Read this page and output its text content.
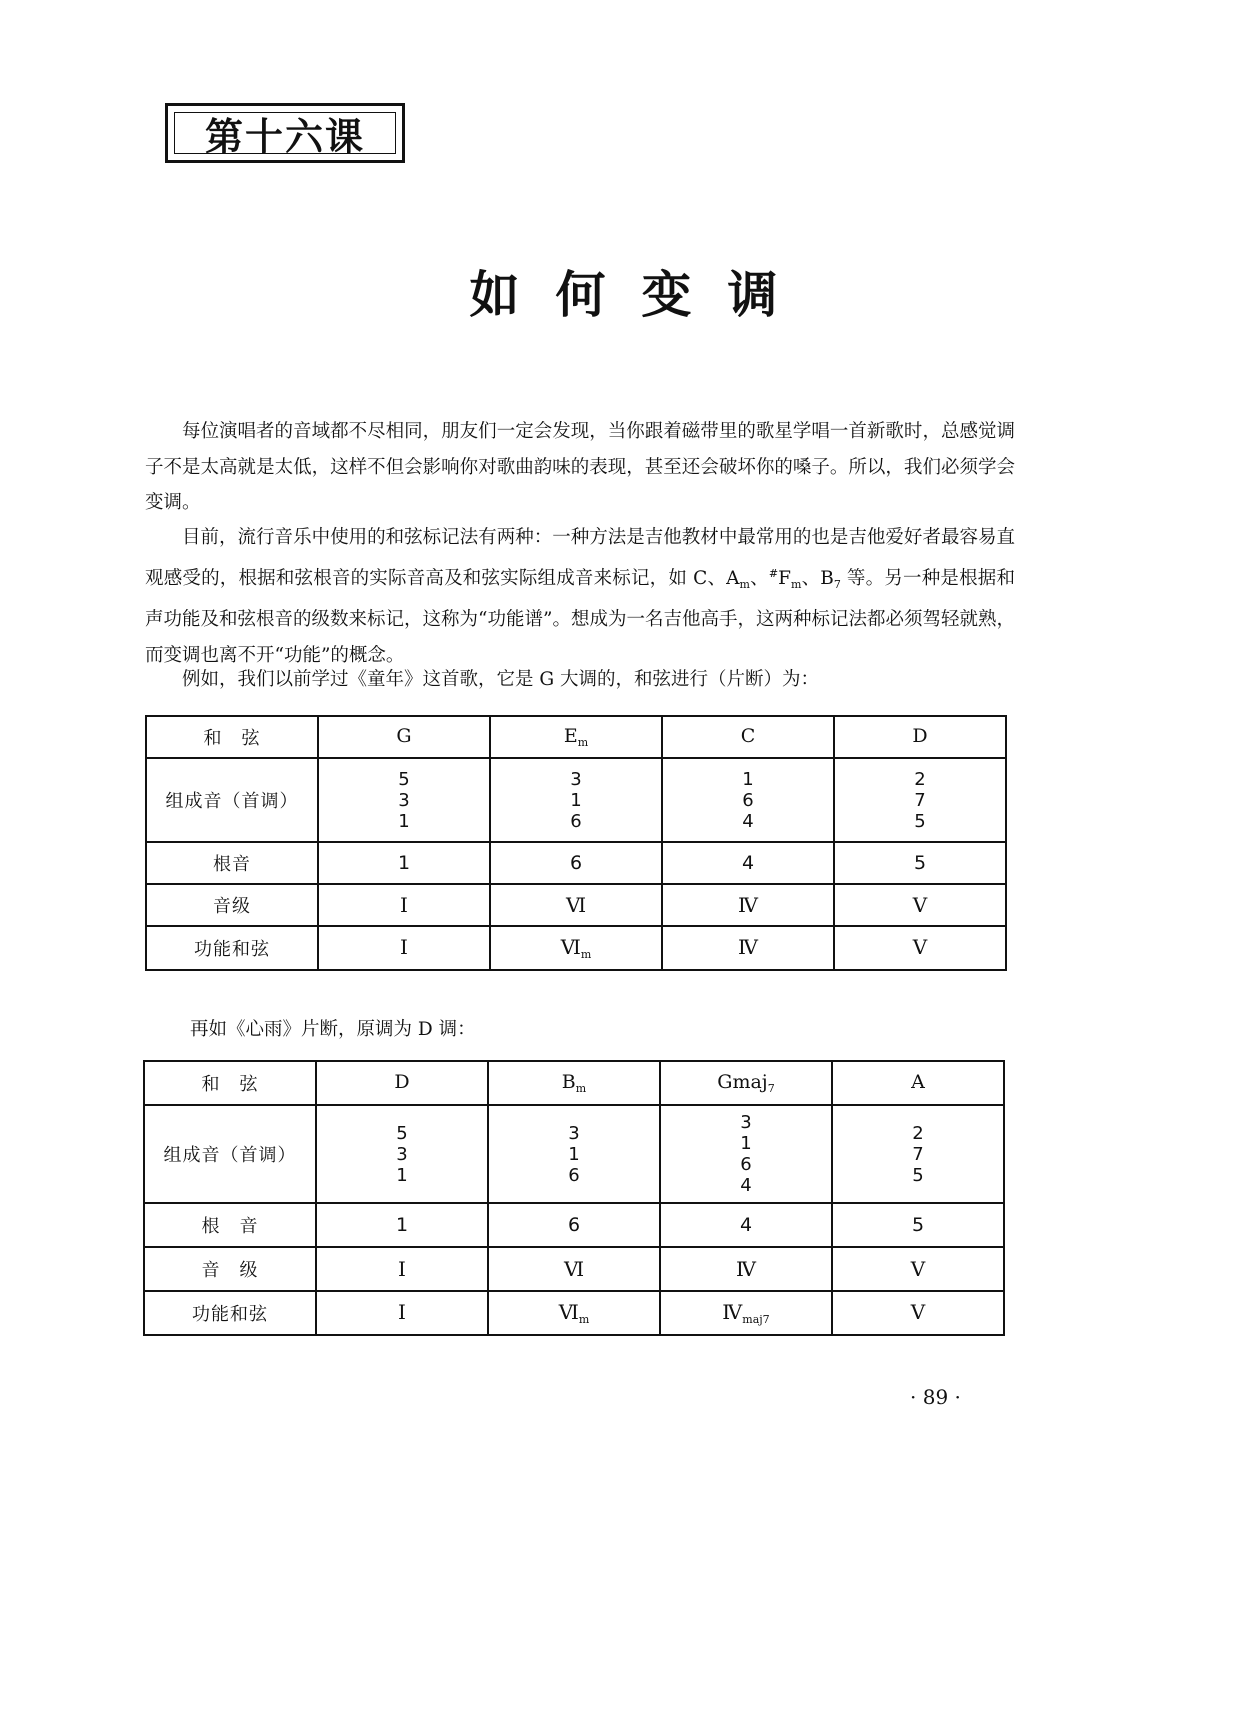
第十六课
如何变调

每位演唱者的音域都不尽相同，朋友们一定会发现，当你跟着磁带里的歌星学唱一首新歌时，总感觉调子不是太高就是太低，这样不但会影响你对歌曲韵味的表现，甚至还会破坏你的嗓子。所以，我们必须学会变调。

目前，流行音乐中使用的和弦标记法有两种：一种方法是吉他教材中最常用的也是吉他爱好者最容易直观感受的，根据和弦根音的实际音高及和弦实际组成音来标记，如 C、$A_m$、$^{\#}F_m$、$B_7$ 等。另一种是根据和声功能及和弦根音的级数来标记，这称为“功能谱”。想成为一名吉他高手，这两种标记法都必须驾轻就熟，而变调也离不开“功能”的概念。

例如，我们以前学过《童年》这首歌，它是 G 大调的，和弦进行（片断）为：

和　弦	G	$E_m$	C	D
组成音（首调）	5
3
1	3
1
6	1
6
4	2
7
5

根音	1	6	4	5
音级	Ⅰ	Ⅵ	Ⅳ	Ⅴ
功能和弦	Ⅰ	$Ⅵ_m$	Ⅳ	Ⅴ
再如《心雨》片断，原调为 D 调：
和　弦	D	$B_m$	Gmaj$_7$	A
组成音（首调）	5
3
1	3
1
6	3
1
6
4	2
7
5

根　音	1	6	4	5
音　级	Ⅰ	Ⅵ	Ⅳ	Ⅴ
功能和弦	Ⅰ	$Ⅵ_m$	$Ⅳ_{maj7}$	Ⅴ
· 89 ·
